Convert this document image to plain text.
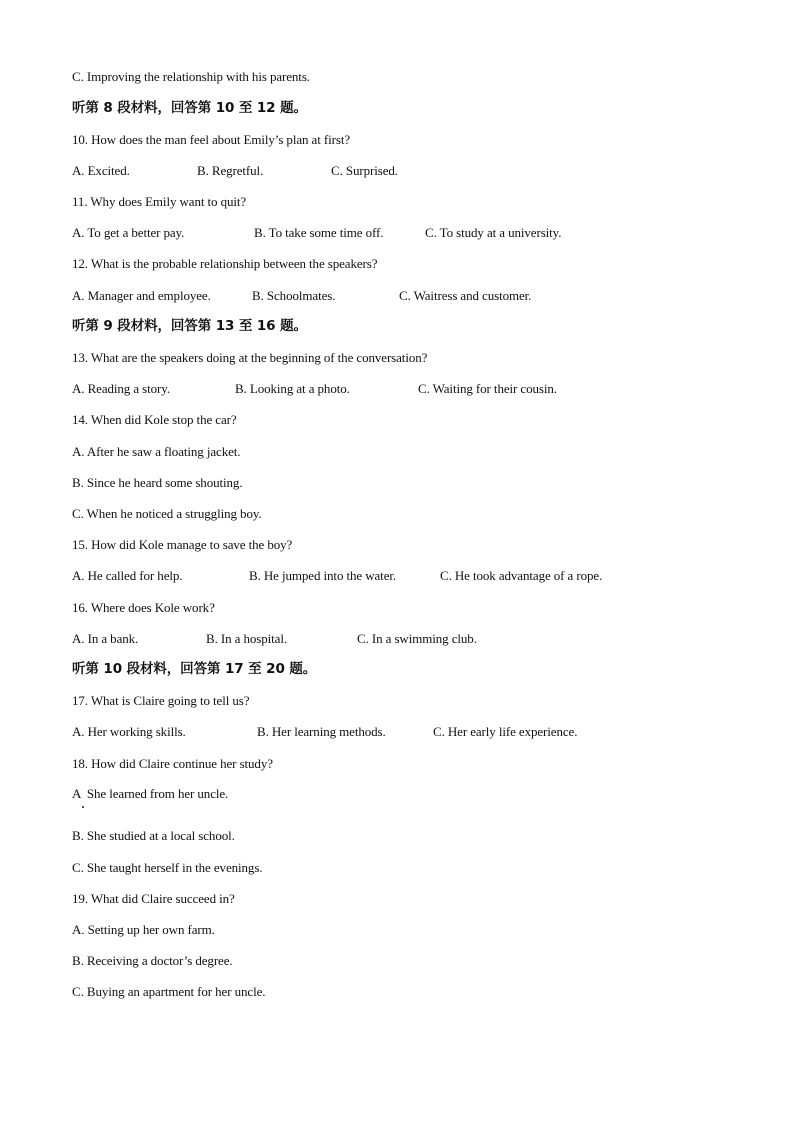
C. Improving the relationship with his parents.
听第 8 段材料，回答第 10 至 12 题。
10. How does the man feel about Emily’s plan at first?
A. Excited.	B. Regretful.	C. Surprised.
11. Why does Emily want to quit?
A. To get a better pay.	B. To take some time off.	C. To study at a university.
12. What is the probable relationship between the speakers?
A. Manager and employee.	B. Schoolmates.	C. Waitress and customer.
听第 9 段材料，回答第 13 至 16 题。
13. What are the speakers doing at the beginning of the conversation?
A. Reading a story.	B. Looking at a photo.	C. Waiting for their cousin.
14. When did Kole stop the car?
A. After he saw a floating jacket.
B. Since he heard some shouting.
C. When he noticed a struggling boy.
15. How did Kole manage to save the boy?
A. He called for help.	B. He jumped into the water.	C. He took advantage of a rope.
16. Where does Kole work?
A. In a bank.	B. In a hospital.	C. In a swimming club.
听第 10 段材料，回答第 17 至 20 题。
17. What is Claire going to tell us?
A. Her working skills.	B. Her learning methods.	C. Her early life experience.
18. How did Claire continue her study?
A  She learned from her uncle.
B. She studied at a local school.
C. She taught herself in the evenings.
19. What did Claire succeed in?
A. Setting up her own farm.
B. Receiving a doctor’s degree.
C. Buying an apartment for her uncle.
